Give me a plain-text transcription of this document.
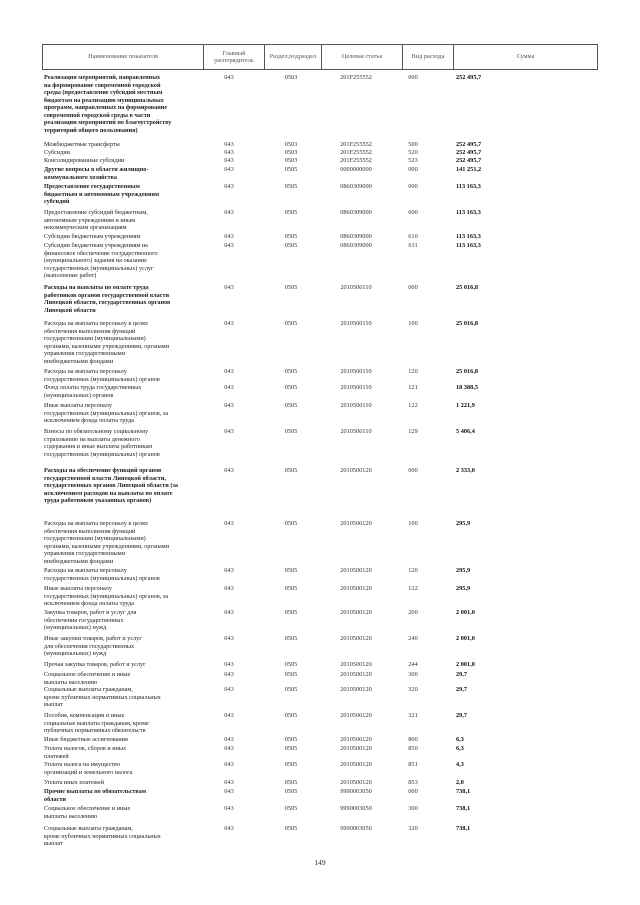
Наименование показателя
Главный
распорядитель
Раздел,подраздел	Целевая статья	Вид расхода	Сумма
Реализация мероприятий, направленных
на формирование современной городской
среды (предоставление субсидий местным
бюджетам на реализацию муниципальных
программ, направленных на формирование
современной городской среды в части
реализации мероприятий по благоустройству
территорий общего пользования)
043	0503	201F255552	000	252 495,7
Межбюджетные трансферты	043	0503	201F255552	500	252 495,7
Субсидии	043	0503	201F255552	520	252 495,7
Консолидированные субсидии	043	0503	201F255552	523	252 495,7
Другие вопросы в области жилищно-
коммунального хозяйства
043	0505	0000000000	000	141 251,2
Предоставление государственным
бюджетным и автономным учреждениям
субсидий
043	0505	0860309000	000	113 163,3
Предоставление субсидий бюджетным,
автономным учреждениям и иным
некоммерческим организациям
043	0505	0860309000	600	113 163,3
Субсидии бюджетным учреждениям	043	0505	0860309000	610	113 163,3
Субсидии бюджетным учреждениям на
финансовое обеспечение государственного
(муниципального) задания на оказание
государственных (муниципальных) услуг
(выполнение работ)
043	0505	0860309000	611	113 163,3
Расходы на выплаты по оплате труда
работников органов государственной власти
Липецкой области, государственных органов
Липецкой области
043	0505	2010500110	000	25 016,8
Расходы на выплаты персоналу в целях
обеспечения выполнения функций
государственными (муниципальными)
органами, казенными учреждениями, органами
управления государственными
внебюджетными фондами
043	0505	2010500110	100	25 016,8
Расходы на выплаты персоналу
государственных (муниципальных) органов
043	0505	2010500110	120	25 016,8
Фонд оплаты труда государственных
(муниципальных) органов
043	0505	2010500110	121	18 388,5
Иные выплаты персоналу
государственных (муниципальных) органов, за
исключением фонда оплаты труда
043	0505	2010500110	122	1 221,9
Взносы по обязательному социальному
страхованию на выплаты денежного
содержания и иные выплаты работникам
государственных (муниципальных) органов
043	0505	2010500110	129	5 406,4
Расходы на обеспечение функций органов
государственной власти Липецкой области,
государственных органов Липецкой области (за
исключением расходов на выплаты по оплате
труда работников указанных органов)
043	0505	2010500120	000	2 333,0
Расходы на выплаты персоналу в целях
обеспечения выполнения функций
государственными (муниципальными)
органами, казенными учреждениями, органами
управления государственными
внебюджетными фондами
043	0505	2010500120	100	295,9
Расходы на выплаты персоналу
государственных (муниципальных) органов
043	0505	2010500120	120	295,9
Иные выплаты персоналу
государственных (муниципальных) органов, за
исключением фонда оплаты труда
043	0505	2010500120	122	295,9
Закупка товаров, работ и услуг для
обеспечения государственных
(муниципальных) нужд
043	0505	2010500120	200	2 001,0
Иные закупки товаров, работ и услуг
для обеспечения государственных
(муниципальных) нужд
043	0505	2010500120	240	2 001,0
Прочая закупка товаров, работ и услуг	043	0505	2010500120	244	2 001,0
Социальное обеспечение и иные
выплаты населению
043	0505	2010500120	300	29,7
Социальные выплаты гражданам,
кроме публичных нормативных социальных
выплат
043	0505	2010500120	320	29,7
Пособия, компенсации и иные
социальные выплаты гражданам, кроме
публичных нормативных обязательств
043	0505	2010500120	321	29,7
Иные бюджетные ассигнования	043	0505	2010500120	800	6,3
Уплата налогов, сборов и иных
платежей
043	0505	2010500120	850	6,3
Уплата налога на имущество
организаций и земельного налога
043	0505	2010500120	851	4,3
Уплата иных платежей	043	0505	2010500120	853	2,0
Прочие выплаты по обязательствам
области
043	0505	9990003050	000	738,1
Социальное обеспечение и иные
выплаты населению
043	0505	9990003050	300	738,1
Социальные выплаты гражданам,
кроме публичных нормативных социальных
выплат
043	0505	9990003050	320	738,1
149
